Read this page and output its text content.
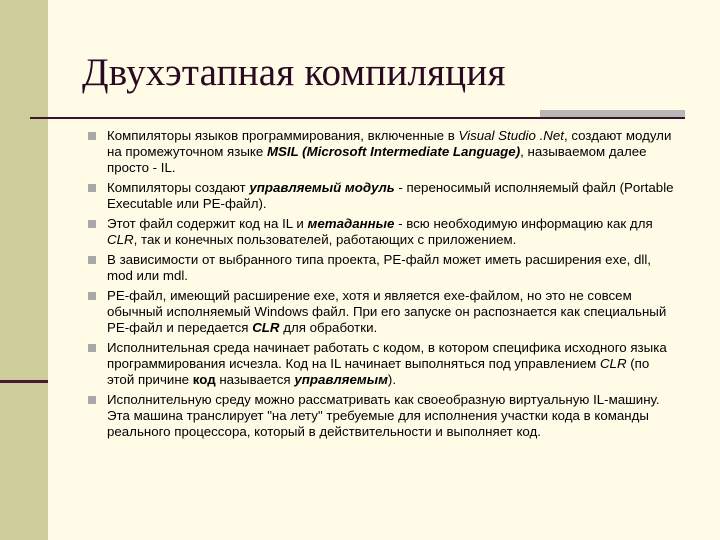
Двухэтапная компиляция
Компиляторы языков программирования, включенные в Visual Studio .Net, создают модули на промежуточном языке MSIL (Microsoft Intermediate Language), называемом далее просто - IL.
Компиляторы создают управляемый модуль - переносимый исполняемый файл (Portable Executable или PE-файл).
Этот файл содержит код на IL и метаданные - всю необходимую информацию как для CLR, так и конечных пользователей, работающих с приложением.
В зависимости от выбранного типа проекта, PE-файл может иметь расширения exe, dll, mod или mdl.
PE-файл, имеющий расширение exe, хотя и является exe-файлом, но это не совсем обычный исполняемый Windows файл. При его запуске он распознается как специальный PE-файл и передается CLR для обработки.
Исполнительная среда начинает работать с кодом, в котором специфика исходного языка программирования исчезла. Код на IL начинает выполняться под управлением CLR (по этой причине код называется управляемым).
Исполнительную среду можно рассматривать как своеобразную виртуальную IL-машину. Эта машина транслирует "на лету" требуемые для исполнения участки кода в команды реального процессора, который в действительности и выполняет код.
